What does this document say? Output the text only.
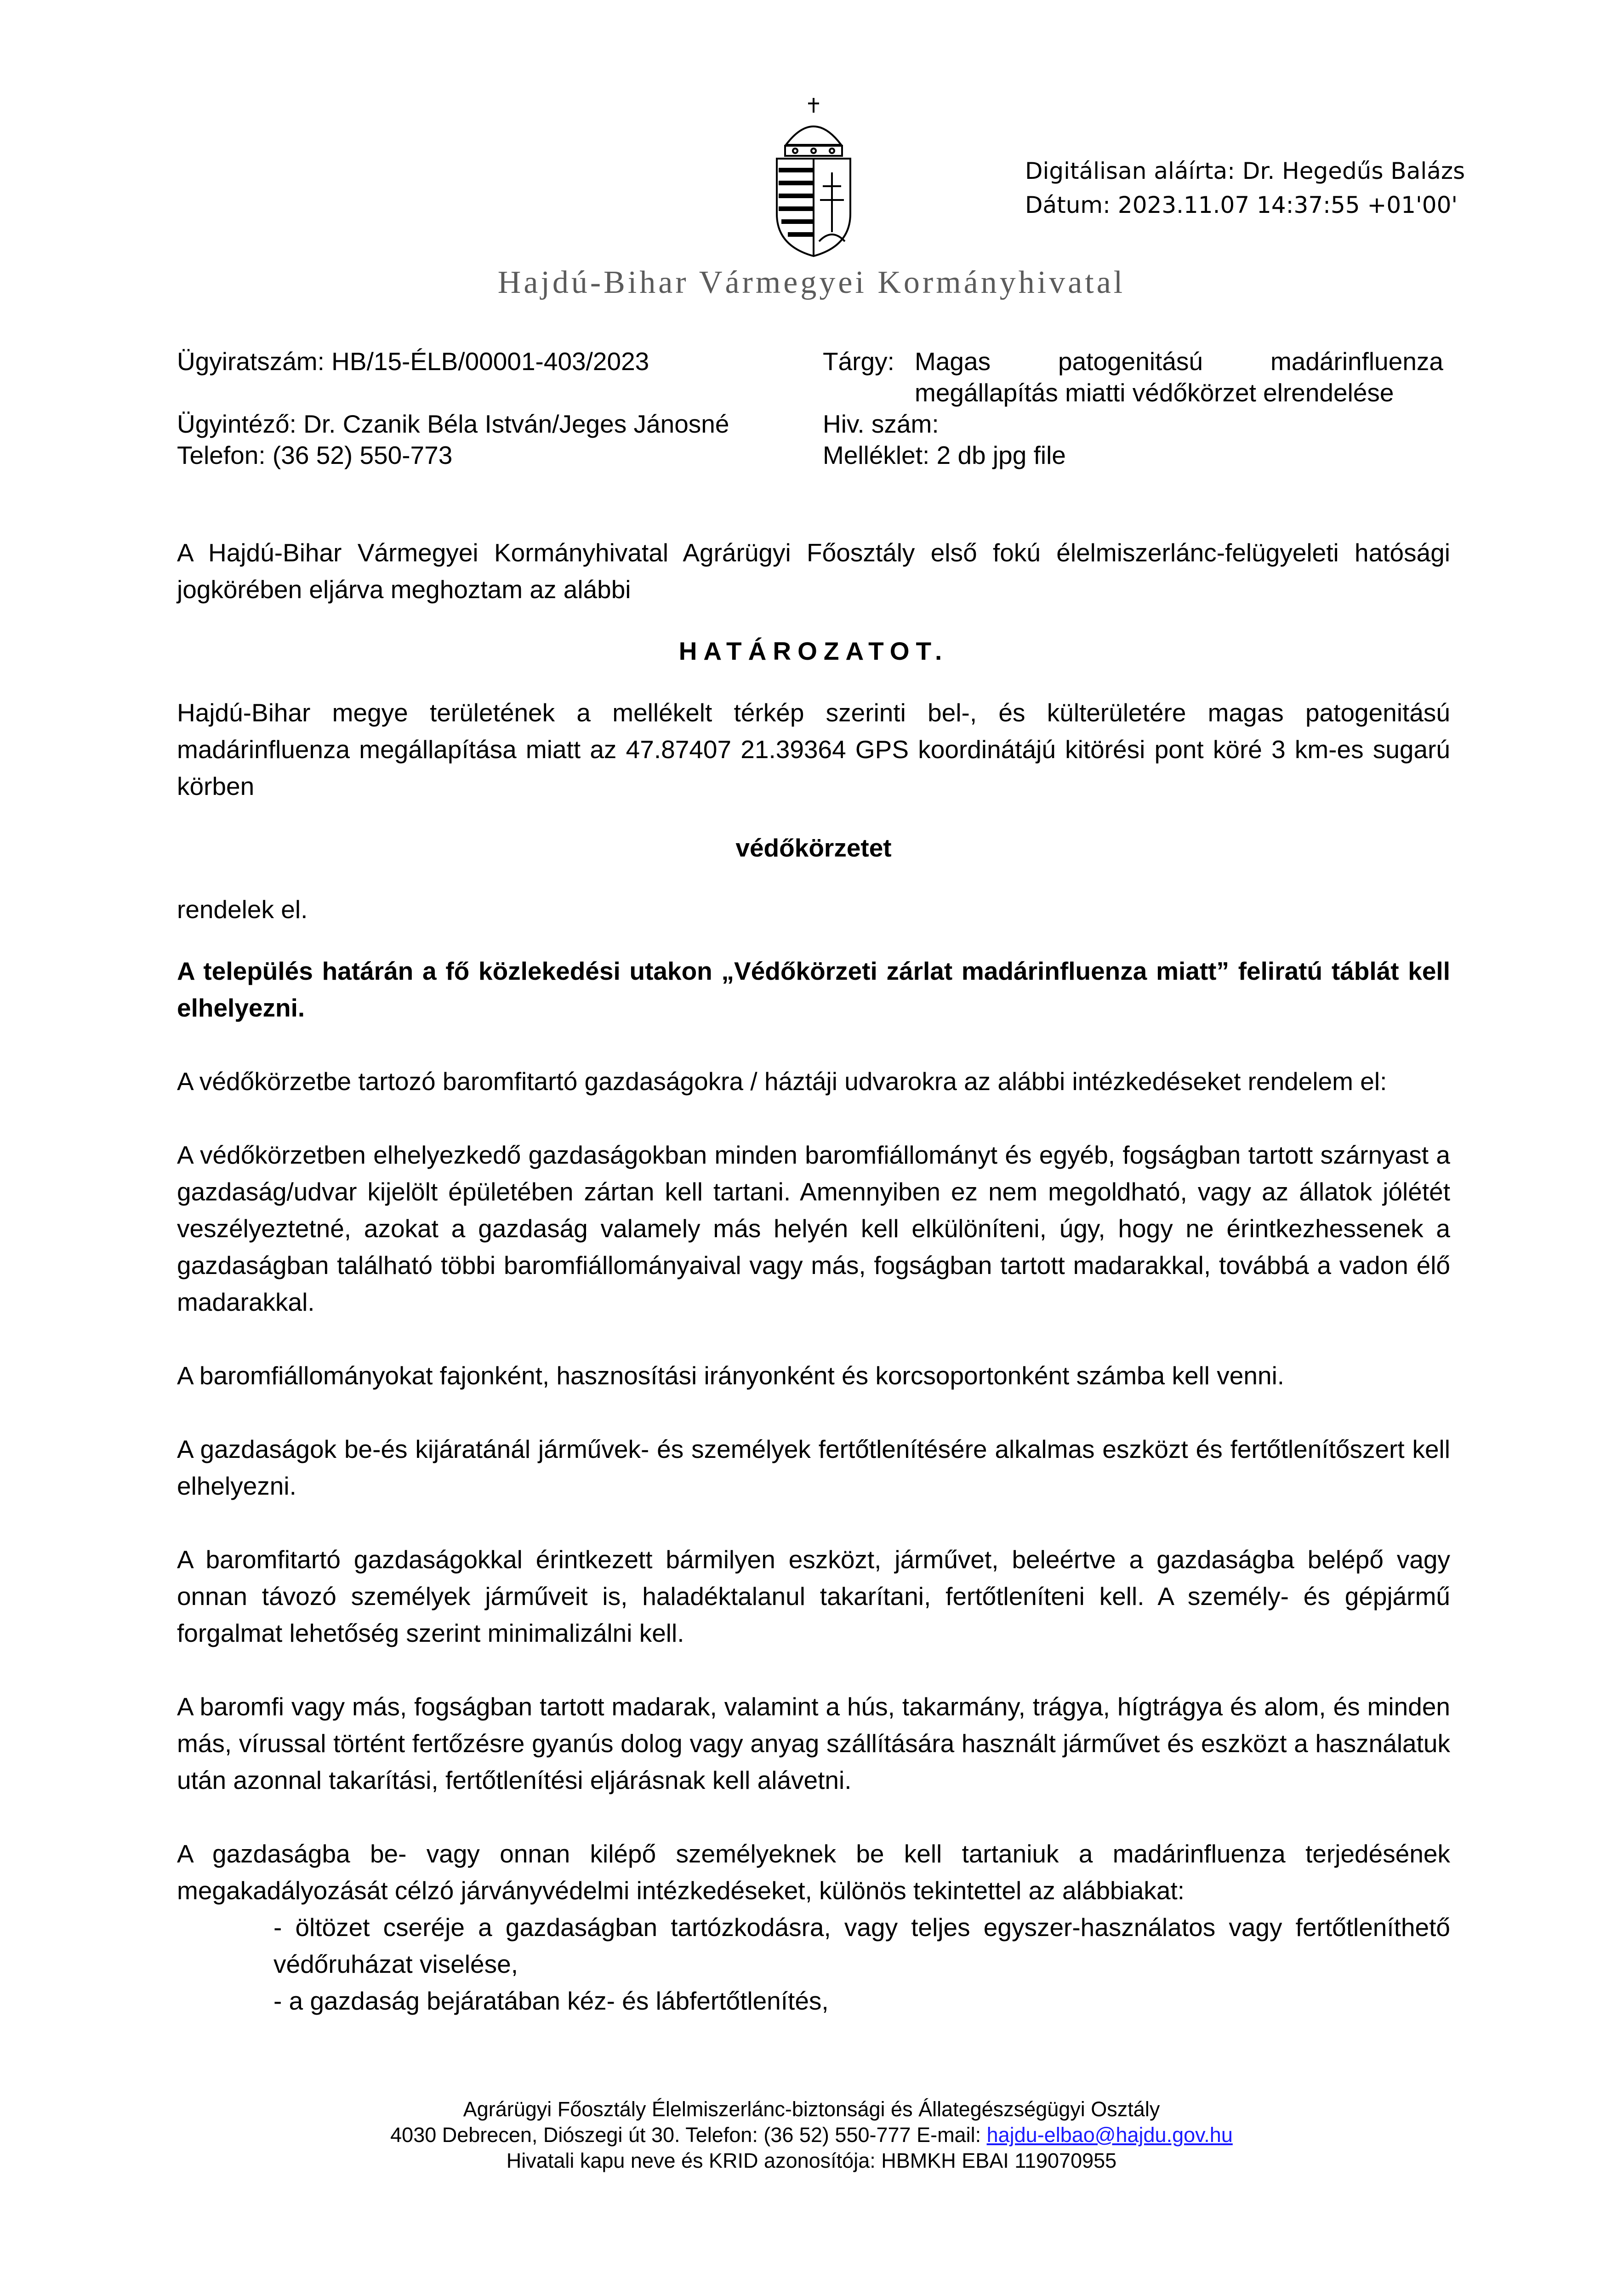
Digitálisan aláírta: Dr. Hegedűs Balázs
Dátum: 2023.11.07 14:37:55 +01'00'
Hajdú-Bihar Vármegyei Kormányhivatal
Ügyiratszám: HB/15-ÉLB/00001-403/2023
Ügyintéző: Dr. Czanik Béla István/Jeges Jánosné
Telefon: (36 52) 550-773
Tárgy: Magas patogenitású madárinfluenza
megállapítás miatti védőkörzet elrendelése
Hiv. szám:
Melléklet: 2 db jpg file

A Hajdú-Bihar Vármegyei Kormányhivatal Agrárügyi Főosztály első fokú élelmiszerlánc-felügyeleti hatósági jogkörében eljárva meghoztam az alábbi

HATÁROZATOT.

Hajdú-Bihar megye területének a mellékelt térkép szerinti bel-, és külterületére magas patogenitású madárinfluenza megállapítása miatt az 47.87407 21.39364 GPS koordinátájú kitörési pont köré 3 km-es sugarú körben

védőkörzetet

rendelek el.

A település határán a fő közlekedési utakon „Védőkörzeti zárlat madárinfluenza miatt” feliratú táblát kell elhelyezni.

A védőkörzetbe tartozó baromfitartó gazdaságokra / háztáji udvarokra az alábbi intézkedéseket rendelem el:

A védőkörzetben elhelyezkedő gazdaságokban minden baromfiállományt és egyéb, fogságban tartott szárnyast a gazdaság/udvar kijelölt épületében zártan kell tartani. Amennyiben ez nem megoldható, vagy az állatok jólétét veszélyeztetné, azokat a gazdaság valamely más helyén kell elkülöníteni, úgy, hogy ne érintkezhessenek a gazdaságban található többi baromfiállományaival vagy más, fogságban tartott madarakkal, továbbá a vadon élő madarakkal.

A baromfiállományokat fajonként, hasznosítási irányonként és korcsoportonként számba kell venni.

A gazdaságok be-és kijáratánál járművek- és személyek fertőtlenítésére alkalmas eszközt és fertőtlenítőszert kell elhelyezni.

A baromfitartó gazdaságokkal érintkezett bármilyen eszközt, járművet, beleértve a gazdaságba belépő vagy onnan távozó személyek járműveit is, haladéktalanul takarítani, fertőtleníteni kell. A személy- és gépjármű forgalmat lehetőség szerint minimalizálni kell.

A baromfi vagy más, fogságban tartott madarak, valamint a hús, takarmány, trágya, hígtrágya és alom, és minden más, vírussal történt fertőzésre gyanús dolog vagy anyag szállítására használt járművet és eszközt a használatuk után azonnal takarítási, fertőtlenítési eljárásnak kell alávetni.

A gazdaságba be- vagy onnan kilépő személyeknek be kell tartaniuk a madárinfluenza terjedésének megakadályozását célzó járványvédelmi intézkedéseket, különös tekintettel az alábbiakat:

- öltözet cseréje a gazdaságban tartózkodásra, vagy teljes egyszer-használatos vagy fertőtleníthető védőruházat viselése,

- a gazdaság bejáratában kéz- és lábfertőtlenítés,

Agrárügyi Főosztály Élelmiszerlánc-biztonsági és Állategészségügyi Osztály
4030 Debrecen, Diószegi út 30. Telefon: (36 52) 550-777 E-mail: hajdu-elbao@hajdu.gov.hu
Hivatali kapu neve és KRID azonosítója: HBMKH EBAI 119070955
